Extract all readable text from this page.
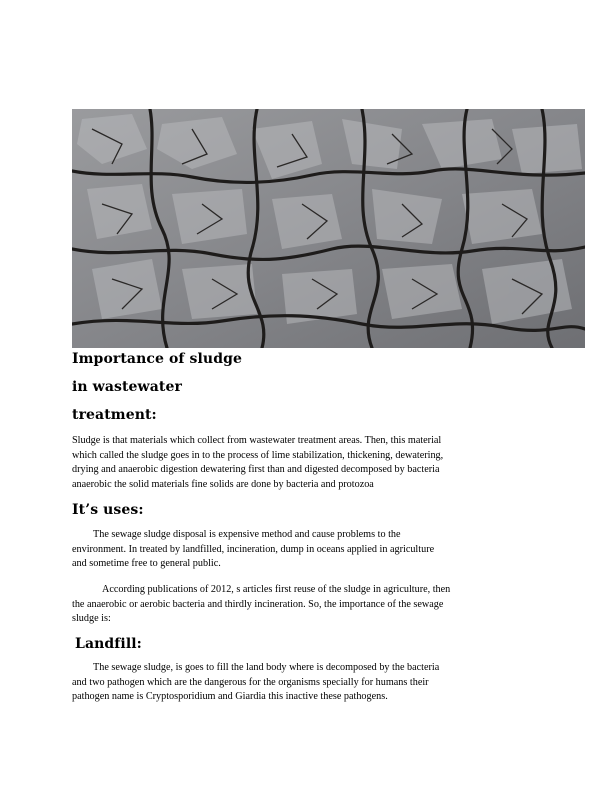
Importance of sludge
in wastewater
treatment:
Sludge is that materials which collect from wastewater treatment areas. Then, this material
which called the sludge goes in to the process of lime stabilization, thickening, dewatering,
drying and anaerobic digestion dewatering first than and digested decomposed by bacteria
anaerobic the solid materials fine solids are done by bacteria and protozoa
It’s uses:
The sewage sludge disposal is expensive method and cause problems to the
environment. In treated by landfilled, incineration, dump in oceans applied in agriculture
and sometime free to general public.
According publications of 2012, s articles first reuse of the sludge in agriculture, then
the anaerobic or aerobic bacteria and thirdly incineration. So, the importance of the sewage
sludge is:
Landfill:
The sewage sludge, is goes to fill the land body where is decomposed by the bacteria
and two pathogen which are the dangerous for the organisms specially for humans their
pathogen name is Cryptosporidium and Giardia this inactive these pathogens.
